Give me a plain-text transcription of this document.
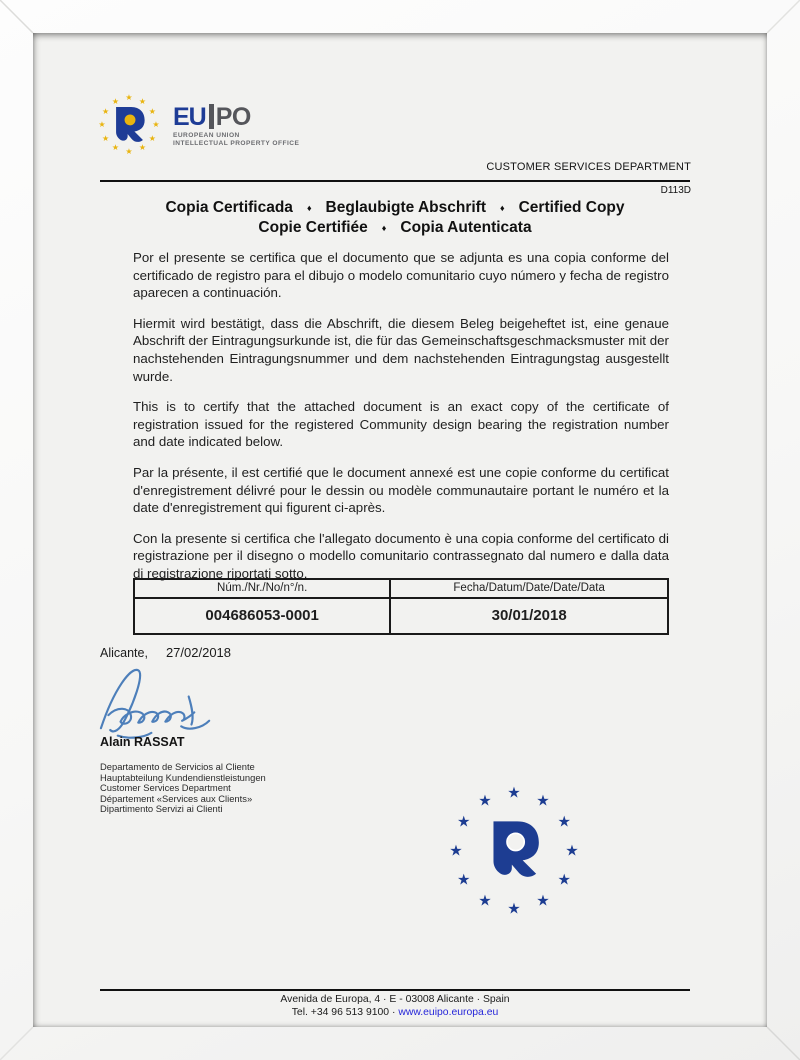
★ ★
★
★
★
★
★
★
★
★
★
★
EU PO
EUROPEAN UNION
INTELLECTUAL PROPERTY OFFICE
CUSTOMER SERVICES DEPARTMENT
D113D
Copia Certificada ♦ Beglaubigte Abschrift ♦ Certified Copy
Copie Certifiée ♦ Copia Autenticata

Por el presente se certifica que el documento que se adjunta es una copia conforme del certificado de registro para el dibujo o modelo comunitario cuyo número y fecha de registro aparecen a continuación.

Hiermit wird bestätigt, dass die Abschrift, die diesem Beleg beigeheftet ist, eine genaue Abschrift der Eintragungsurkunde ist, die für das Gemeinschaftsgeschmacksmuster mit der nachstehenden Eintragungsnummer und dem nachstehenden Eintragungstag ausgestellt wurde.

This is to certify that the attached document is an exact copy of the certificate of registration issued for the registered Community design bearing the registration number and date indicated below.

Par la présente, il est certifié que le document annexé est une copie conforme du certificat d'enregistrement délivré pour le dessin ou modèle communautaire portant le numéro et la date d'enregistrement qui figurent ci-après.

Con la presente si certifica che l'allegato documento è una copia conforme del certificato di registrazione per il disegno o modello comunitario contrassegnato dal numero e dalla data di registrazione riportati sotto.

Núm./Nr./No/n°/n.	Fecha/Datum/Date/Date/Data
004686053-0001	30/01/2018
Alicante, 27/02/2018
Alain RASSAT
Departamento de Servicios al Cliente
Hauptabteilung Kundendienstleistungen
Customer Services Department
Département «Services aux Clients»
Dipartimento Servizi ai Clienti
★ ★
★
★
★
★
★
★
★
★
★
★
Avenida de Europa, 4 · E - 03008 Alicante · Spain
Tel. +34 96 513 9100 · www.euipo.europa.eu
